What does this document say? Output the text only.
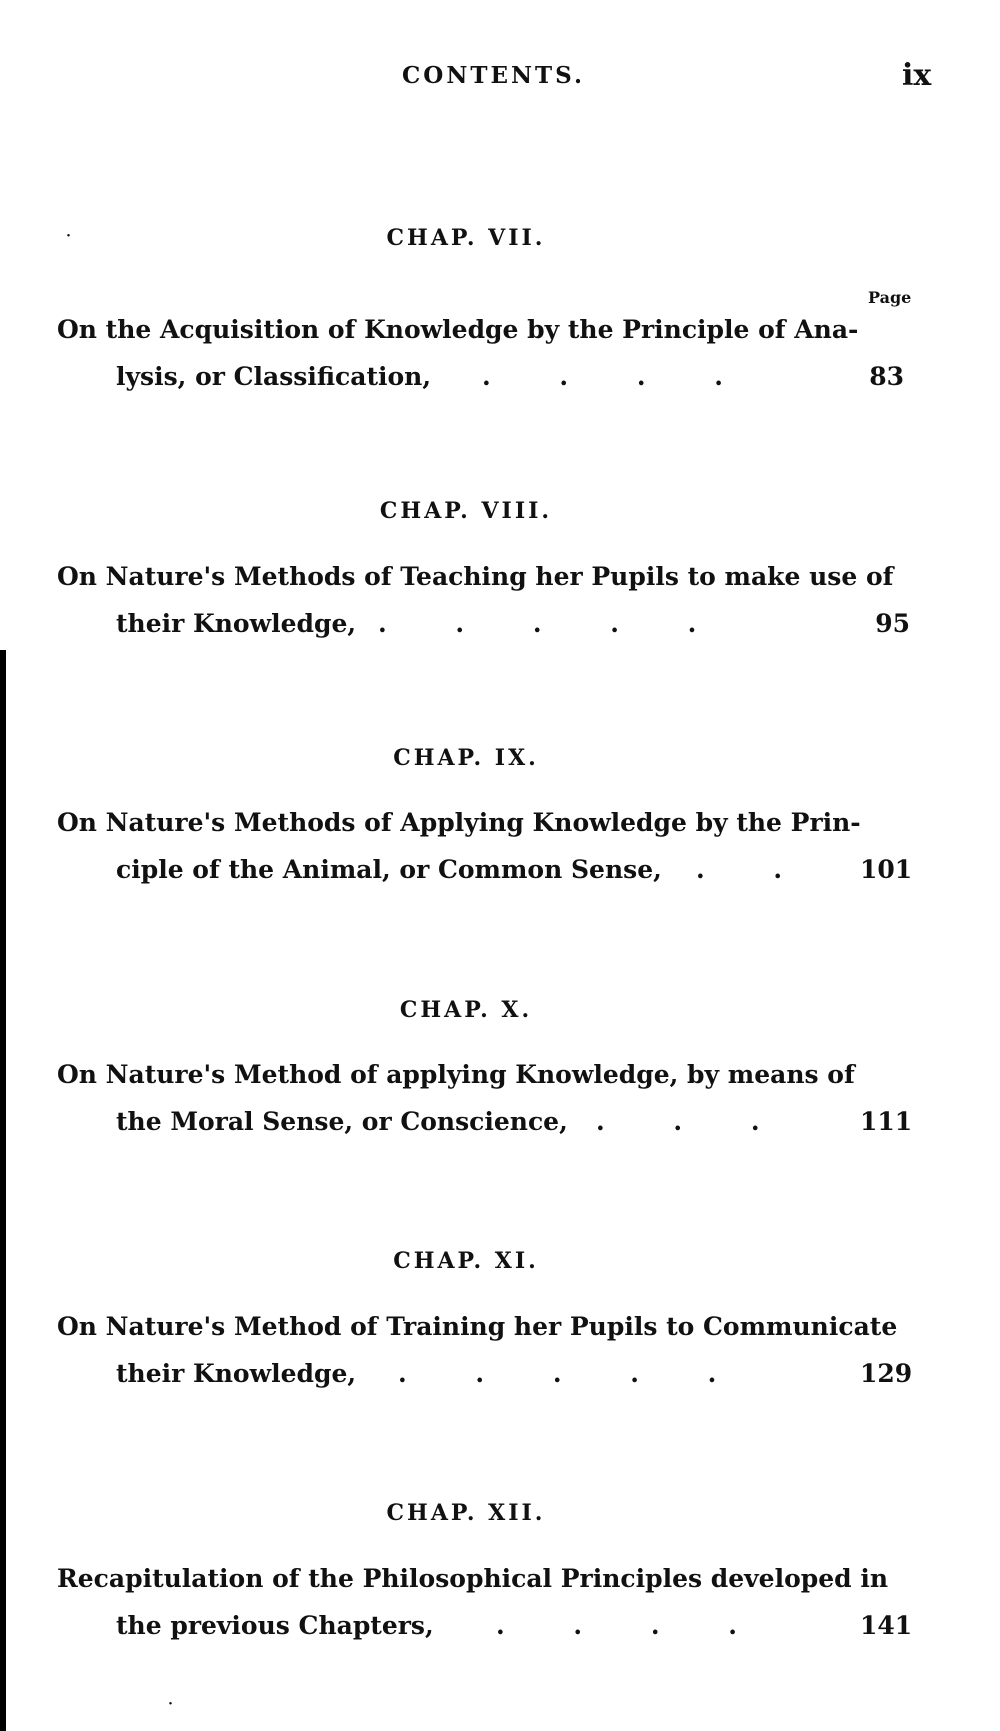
CONTENTS.	ix
˙	CHAP. VII.
Page
On the Acquisition of Knowledge by the Principle of Ana-
lysis, or Classification, . . . .	83
CHAP. VIII.
On Nature's Methods of Teaching her Pupils to make use of
their Knowledge, . . . . .	95
CHAP. IX.
On Nature's Methods of Applying Knowledge by the Prin-
ciple of the Animal, or Common Sense, . .	101
CHAP. X.
On Nature's Method of applying Knowledge, by means of
the Moral Sense, or Conscience, . . .	111
CHAP. XI.
On Nature's Method of Training her Pupils to Communicate
their Knowledge, . . . . .	129
CHAP. XII.
Recapitulation of the Philosophical Principles developed in
the previous Chapters, . . . .	141
˙
